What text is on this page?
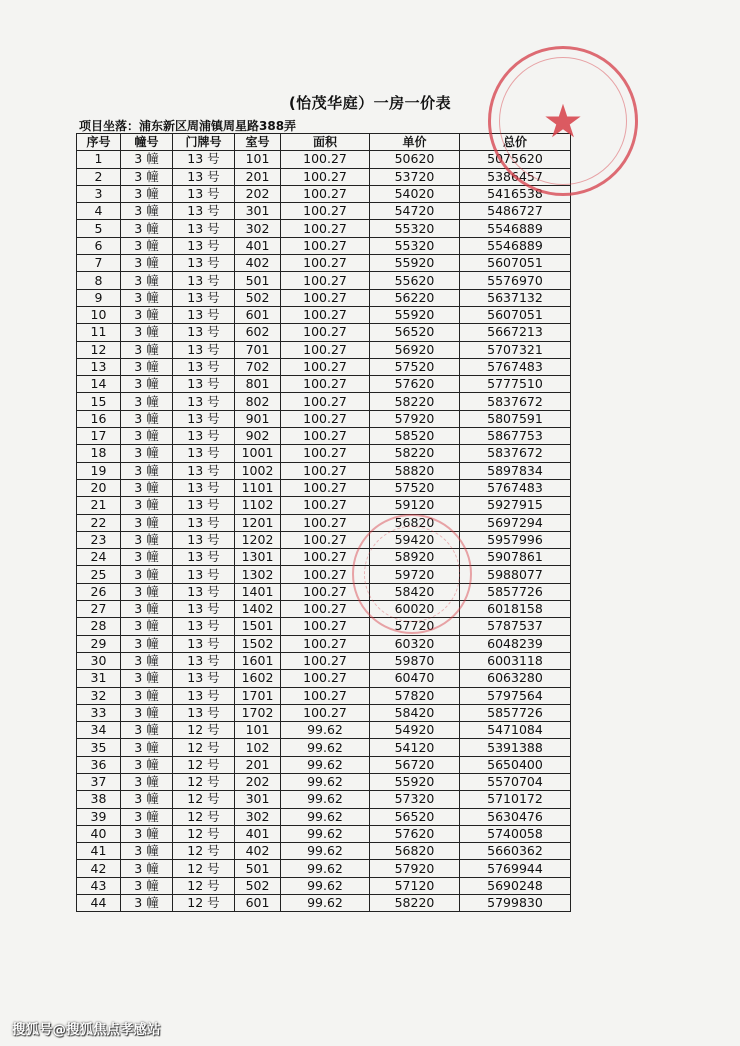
(怡茂华庭）一房一价表
项目坐落：浦东新区周浦镇周星路388弄
序号	幢号	门牌号	室号	面积	单价	总价
1	3 幢	13 号	101	100.27	50620	5075620
2	3 幢	13 号	201	100.27	53720	5386457
3	3 幢	13 号	202	100.27	54020	5416538
4	3 幢	13 号	301	100.27	54720	5486727
5	3 幢	13 号	302	100.27	55320	5546889
6	3 幢	13 号	401	100.27	55320	5546889
7	3 幢	13 号	402	100.27	55920	5607051
8	3 幢	13 号	501	100.27	55620	5576970
9	3 幢	13 号	502	100.27	56220	5637132
10	3 幢	13 号	601	100.27	55920	5607051
11	3 幢	13 号	602	100.27	56520	5667213
12	3 幢	13 号	701	100.27	56920	5707321
13	3 幢	13 号	702	100.27	57520	5767483
14	3 幢	13 号	801	100.27	57620	5777510
15	3 幢	13 号	802	100.27	58220	5837672
16	3 幢	13 号	901	100.27	57920	5807591
17	3 幢	13 号	902	100.27	58520	5867753
18	3 幢	13 号	1001	100.27	58220	5837672
19	3 幢	13 号	1002	100.27	58820	5897834
20	3 幢	13 号	1101	100.27	57520	5767483
21	3 幢	13 号	1102	100.27	59120	5927915
22	3 幢	13 号	1201	100.27	56820	5697294
23	3 幢	13 号	1202	100.27	59420	5957996
24	3 幢	13 号	1301	100.27	58920	5907861
25	3 幢	13 号	1302	100.27	59720	5988077
26	3 幢	13 号	1401	100.27	58420	5857726
27	3 幢	13 号	1402	100.27	60020	6018158
28	3 幢	13 号	1501	100.27	57720	5787537
29	3 幢	13 号	1502	100.27	60320	6048239
30	3 幢	13 号	1601	100.27	59870	6003118
31	3 幢	13 号	1602	100.27	60470	6063280
32	3 幢	13 号	1701	100.27	57820	5797564
33	3 幢	13 号	1702	100.27	58420	5857726
34	3 幢	12 号	101	99.62	54920	5471084
35	3 幢	12 号	102	99.62	54120	5391388
36	3 幢	12 号	201	99.62	56720	5650400
37	3 幢	12 号	202	99.62	55920	5570704
38	3 幢	12 号	301	99.62	57320	5710172
39	3 幢	12 号	302	99.62	56520	5630476
40	3 幢	12 号	401	99.62	57620	5740058
41	3 幢	12 号	402	99.62	56820	5660362
42	3 幢	12 号	501	99.62	57920	5769944
43	3 幢	12 号	502	99.62	57120	5690248
44	3 幢	12 号	601	99.62	58220	5799830
★
搜狐号@搜狐焦点孝感站
